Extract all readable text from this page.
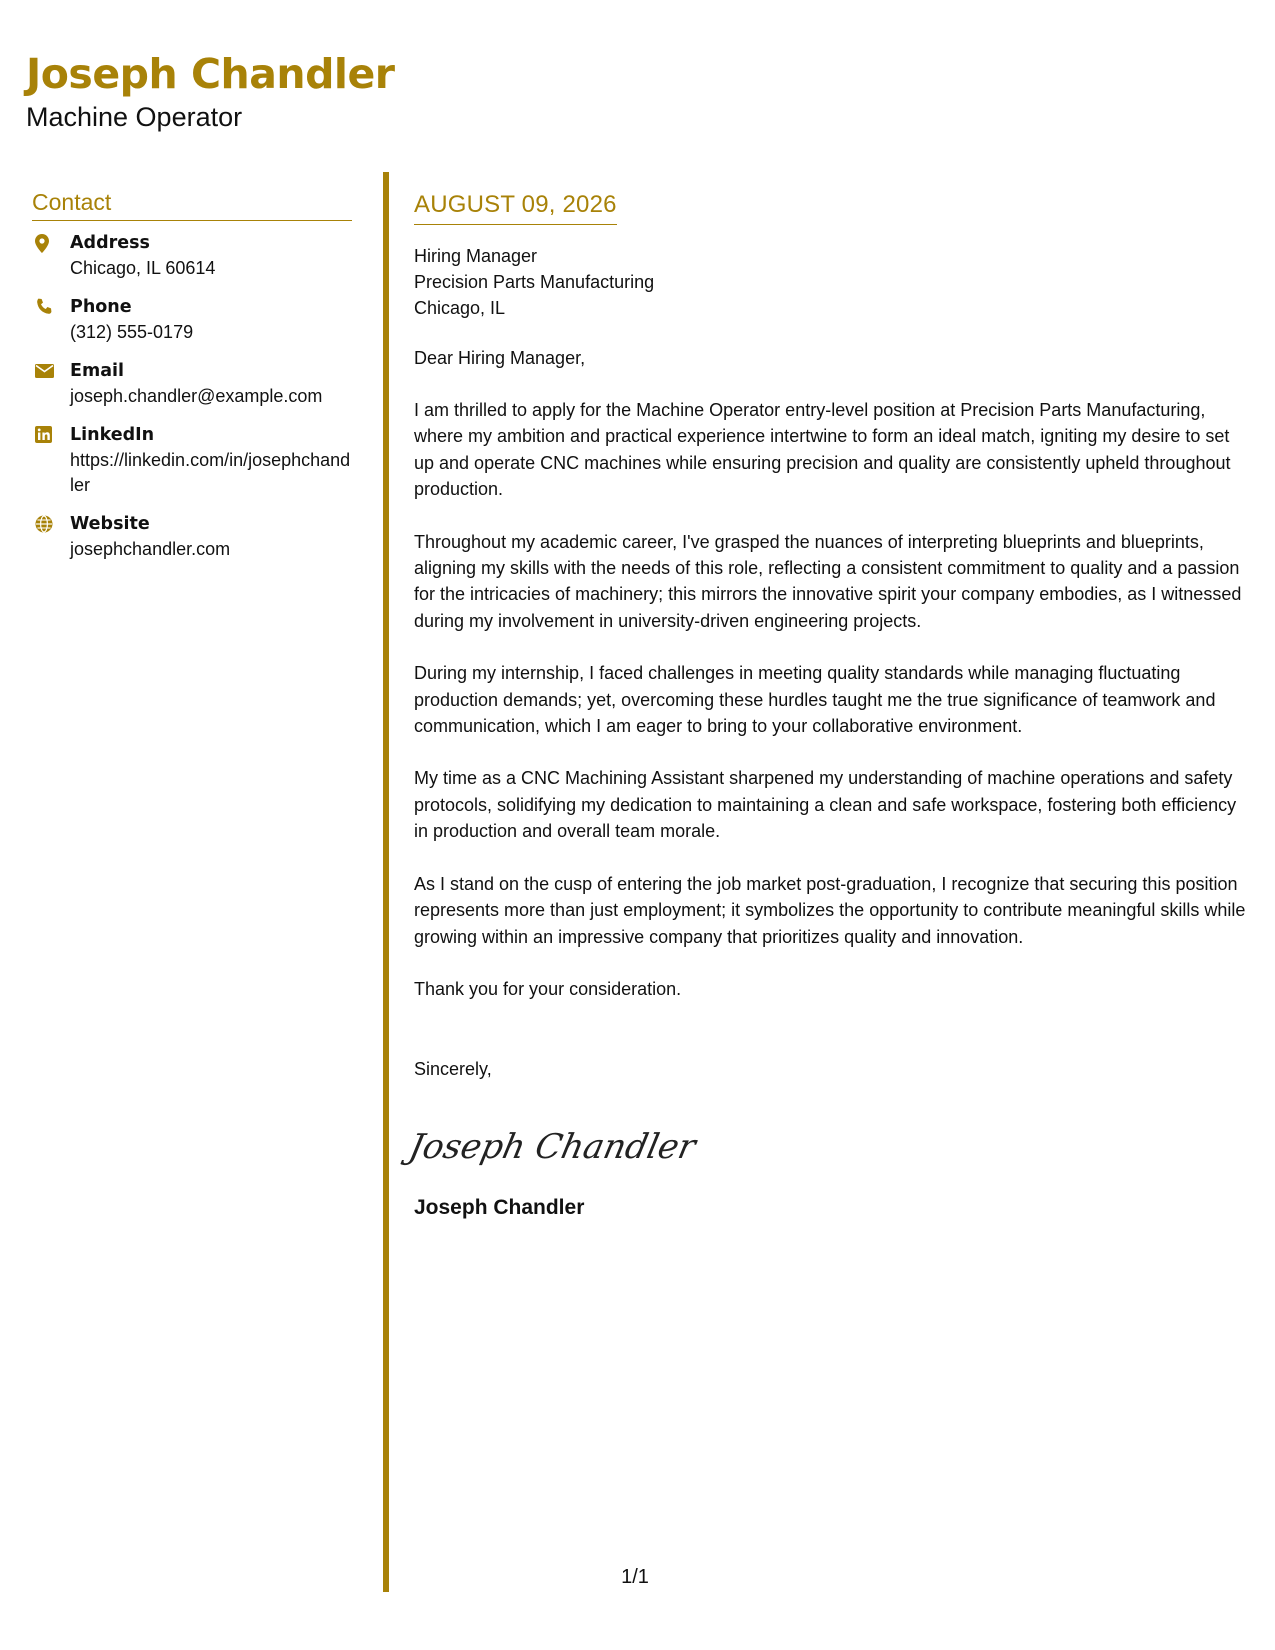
Joseph Chandler
Machine Operator
Contact
Address
Chicago, IL 60614
Phone
(312) 555-0179
Email
joseph.chandler@example.com
LinkedIn
https://linkedin.com/in/josephchandler
Website
josephchandler.com
AUGUST 09, 2026
Hiring Manager
Precision Parts Manufacturing
Chicago, IL
Dear Hiring Manager,

I am thrilled to apply for the Machine Operator entry-level position at Precision Parts Manufacturing, where my ambition and practical experience intertwine to form an ideal match, igniting my desire to set up and operate CNC machines while ensuring precision and quality are consistently upheld throughout production.

Throughout my academic career, I've grasped the nuances of interpreting blueprints and blueprints, aligning my skills with the needs of this role, reflecting a consistent commitment to quality and a passion for the intricacies of machinery; this mirrors the innovative spirit your company embodies, as I witnessed during my involvement in university-driven engineering projects.

During my internship, I faced challenges in meeting quality standards while managing fluctuating production demands; yet, overcoming these hurdles taught me the true significance of teamwork and communication, which I am eager to bring to your collaborative environment.

My time as a CNC Machining Assistant sharpened my understanding of machine operations and safety protocols, solidifying my dedication to maintaining a clean and safe workspace, fostering both efficiency in production and overall team morale.

As I stand on the cusp of entering the job market post-graduation, I recognize that securing this position represents more than just employment; it symbolizes the opportunity to contribute meaningful skills while growing within an impressive company that prioritizes quality and innovation.

Thank you for your consideration.

Sincerely,
Joseph Chandler
Joseph Chandler
1/1
